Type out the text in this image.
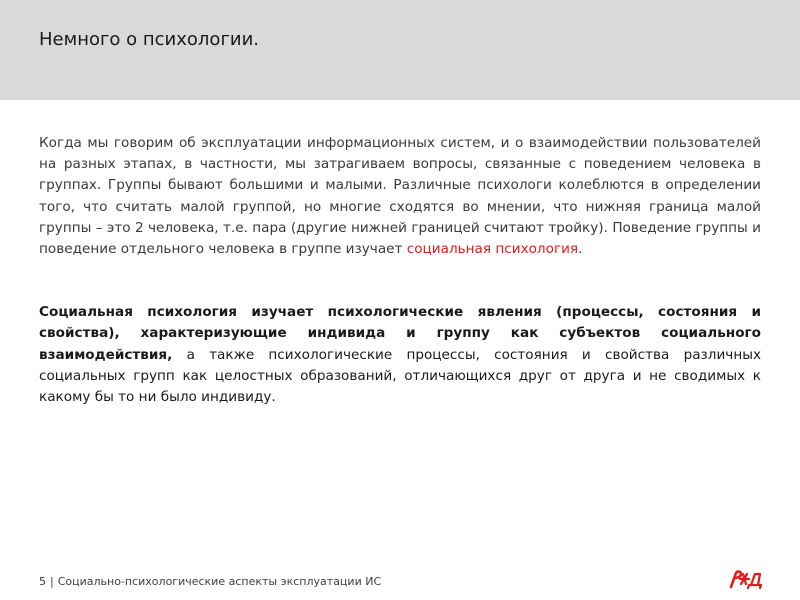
Немного о психологии.

Когда мы говорим об эксплуатации информационных систем, и о взаимодействии пользователей на разных этапах, в частности, мы затрагиваем вопросы, связанные с поведением человека в группах. Группы бывают большими и малыми. Различные психологи колеблются в определении того, что считать малой группой, но многие сходятся во мнении, что нижняя граница малой группы – это 2 человека, т.е. пара (другие нижней границей считают тройку). Поведение группы и поведение отдельного человека в группе изучает социальная психология.

Социальная психология изучает психологические явления (процессы, состояния и свойства), характеризующие индивида и группу как субъектов социального взаимодействия, а также психологические процессы, состояния и свойства различных социальных групп как целостных образований, отличающихся друг от друга и не сводимых к какому бы то ни было индивиду.

5 | Социально-психологические аспекты эксплуатации ИС
